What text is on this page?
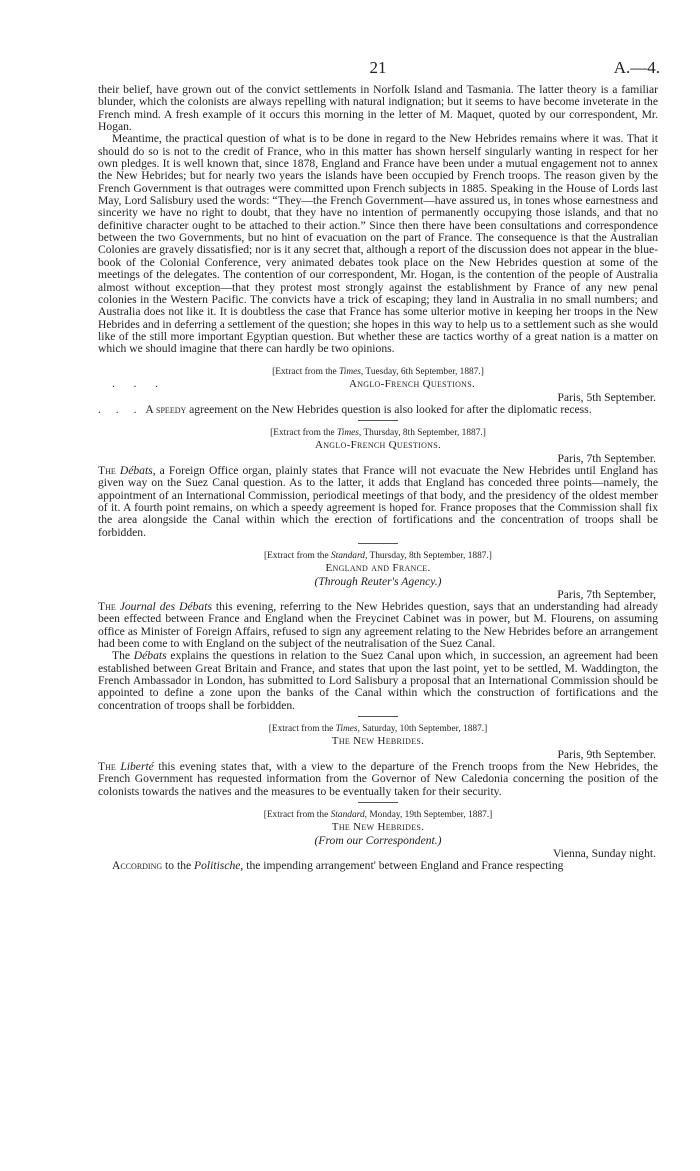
21	A.—4.

their belief, have grown out of the convict settlements in Norfolk Island and Tasmania. The latter theory is a familiar blunder, which the colonists are always repelling with natural indignation; but it seems to have become inveterate in the French mind. A fresh example of it occurs this morning in the letter of M. Maquet, quoted by our correspondent, Mr. Hogan.

Meantime, the practical question of what is to be done in regard to the New Hebrides remains where it was. That it should do so is not to the credit of France, who in this matter has shown herself singularly wanting in respect for her own pledges. It is well known that, since 1878, England and France have been under a mutual engagement not to annex the New Hebrides; but for nearly two years the islands have been occupied by French troops. The reason given by the French Government is that outrages were committed upon French subjects in 1885. Speaking in the House of Lords last May, Lord Salisbury used the words: “They—the French Government—have assured us, in tones whose earnestness and sincerity we have no right to doubt, that they have no intention of permanently occupying those islands, and that no definitive character ought to be attached to their action.” Since then there have been consultations and correspondence between the two Governments, but no hint of evacuation on the part of France. The consequence is that the Australian Colonies are gravely dissatisfied; nor is it any secret that, although a report of the discussion does not appear in the blue-book of the Colonial Conference, very animated debates took place on the New Hebrides question at some of the meetings of the delegates. The contention of our correspondent, Mr. Hogan, is the contention of the people of Australia almost without exception—that they protest most strongly against the establishment by France of any new penal colonies in the Western Pacific. The convicts have a trick of escaping; they land in Australia in no small numbers; and Australia does not like it. It is doubtless the case that France has some ulterior motive in keeping her troops in the New Hebrides and in deferring a settlement of the question; she hopes in this way to help us to a settlement such as she would like of the still more important Egyptian question. But whether these are tactics worthy of a great nation is a matter on which we should imagine that there can hardly be two opinions.

[Extract from the Times, Tuesday, 6th September, 1887.]
. . .	Anglo-French Questions.
Paris, 5th September.

. . . A speedy agreement on the New Hebrides question is also looked for after the diplomatic recess.

[Extract from the Times, Thursday, 8th September, 1887.]
Anglo-French Questions.
Paris, 7th September.

The Débats, a Foreign Office organ, plainly states that France will not evacuate the New Hebrides until England has given way on the Suez Canal question. As to the latter, it adds that England has conceded three points—namely, the appointment of an International Commission, periodical meetings of that body, and the presidency of the oldest member of it. A fourth point remains, on which a speedy agreement is hoped for. France proposes that the Commission shall fix the area alongside the Canal within which the erection of fortifications and the concentration of troops shall be forbidden.

[Extract from the Standard, Thursday, 8th September, 1887.]
England and France.
(Through Reuter's Agency.)
Paris, 7th September,

The Journal des Débats this evening, referring to the New Hebrides question, says that an understanding had already been effected between France and England when the Freycinet Cabinet was in power, but M. Flourens, on assuming office as Minister of Foreign Affairs, refused to sign any agreement relating to the New Hebrides before an arrangement had been come to with England on the subject of the neutralisation of the Suez Canal.

The Débats explains the questions in relation to the Suez Canal upon which, in succession, an agreement had been established between Great Britain and France, and states that upon the last point, yet to be settled, M. Waddington, the French Ambassador in London, has submitted to Lord Salisbury a proposal that an International Commission should be appointed to define a zone upon the banks of the Canal within which the construction of fortifications and the concentration of troops shall be forbidden.

[Extract from the Times, Saturday, 10th September, 1887.]
The New Hebrides.
Paris, 9th September.

The Liberté this evening states that, with a view to the departure of the French troops from the New Hebrides, the French Government has requested information from the Governor of New Caledonia concerning the position of the colonists towards the natives and the measures to be eventually taken for their security.

[Extract from the Standard, Monday, 19th September, 1887.]
The New Hebrides.
(From our Correspondent.)
Vienna, Sunday night.

According to the Politische, the impending arrangement' between England and France respecting
